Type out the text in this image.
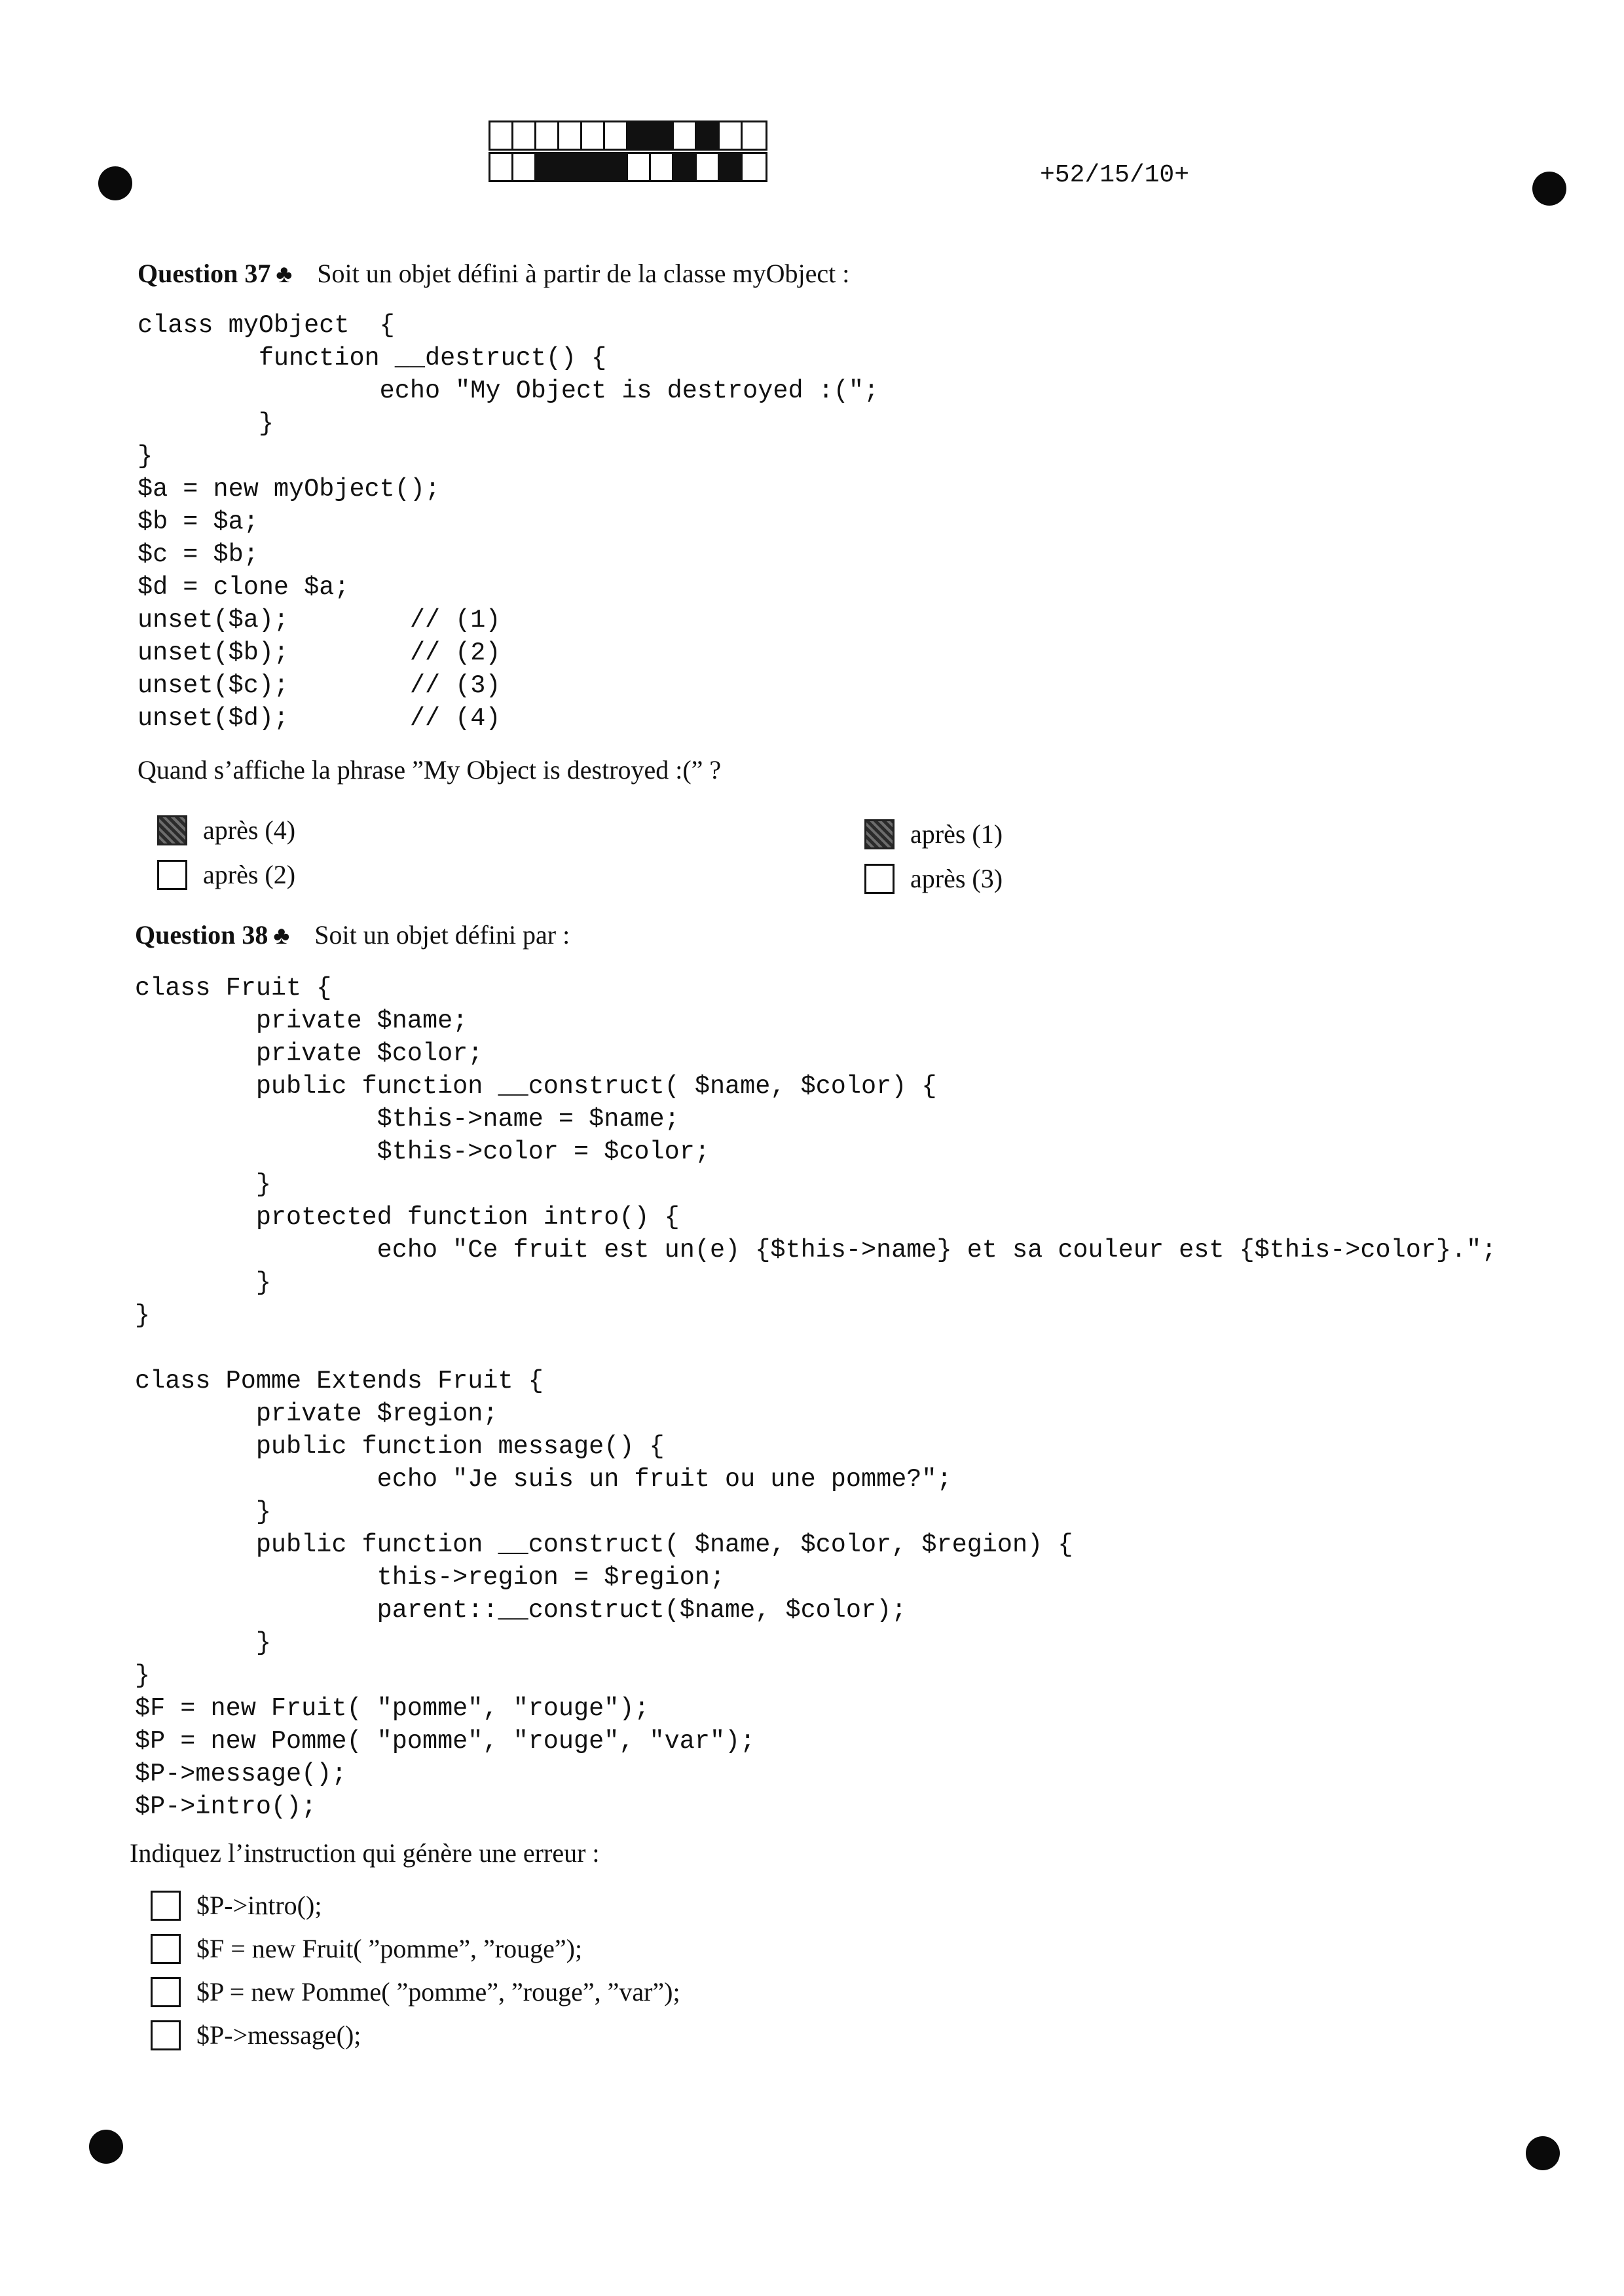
+52/15/10+
Question 37 ♣ Soit un objet défini à partir de la classe myObject :
class myObject  {
function __destruct() {
echo "My Object is destroyed :(";
}
}
$a = new myObject();
$b = $a;
$c = $b;
$d = clone $a;
unset($a);        // (1)
unset($b);        // (2)
unset($c);        // (3)
unset($d);        // (4)
Quand s’affiche la phrase ”My Object is destroyed :(” ?
après (4)
après (2)
après (1)
après (3)
Question 38 ♣ Soit un objet défini par :
class Fruit {
private $name;
private $color;
public function __construct( $name, $color) {
$this->name = $name;
$this->color = $color;
}
protected function intro() {
echo "Ce fruit est un(e) {$this->name} et sa couleur est {$this->color}.";
}
}

class Pomme Extends Fruit {
private $region;
public function message() {
echo "Je suis un fruit ou une pomme?";
}
public function __construct( $name, $color, $region) {
this->region = $region;
parent::__construct($name, $color);
}
}
$F = new Fruit( "pomme", "rouge");
$P = new Pomme( "pomme", "rouge", "var");
$P->message();
$P->intro();
Indiquez l’instruction qui génère une erreur :
$P->intro();
$F = new Fruit( ”pomme”, ”rouge”);
$P = new Pomme( ”pomme”, ”rouge”, ”var”);
$P->message();
